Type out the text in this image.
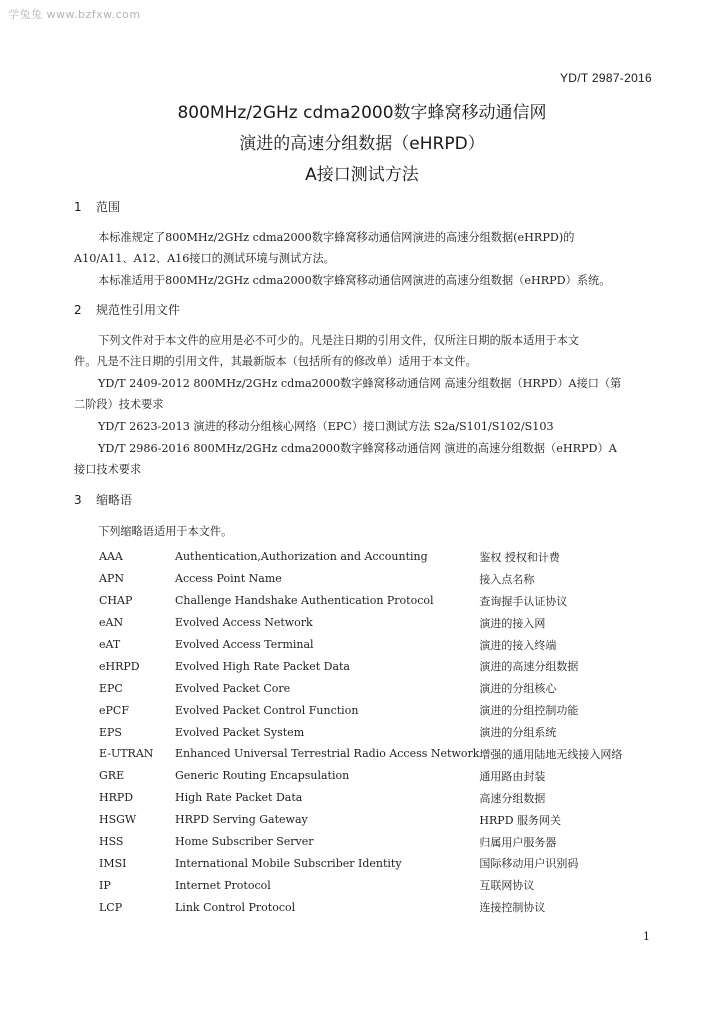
学兔兔 www.bzfxw.com
YD/T 2987-2016
800MHz/2GHz cdma2000数字蜂窝移动通信网
演进的高速分组数据（eHRPD）
A接口测试方法
1 范围
本标准规定了800MHz/2GHz cdma2000数字蜂窝移动通信网演进的高速分组数据(eHRPD)的
A10/A11、A12、A16接口的测试环境与测试方法。
本标准适用于800MHz/2GHz cdma2000数字蜂窝移动通信网演进的高速分组数据（eHRPD）系统。
2 规范性引用文件
下列文件对于本文件的应用是必不可少的。凡是注日期的引用文件，仅所注日期的版本适用于本文
件。凡是不注日期的引用文件，其最新版本（包括所有的修改单）适用于本文件。
YD/T 2409-2012 800MHz/2GHz cdma2000数字蜂窝移动通信网 高速分组数据（HRPD）A接口（第
二阶段）技术要求
YD/T 2623-2013 演进的移动分组核心网络（EPC）接口测试方法 S2a/S101/S102/S103
YD/T 2986-2016 800MHz/2GHz cdma2000数字蜂窝移动通信网 演进的高速分组数据（eHRPD）A
接口技术要求
3 缩略语
下列缩略语适用于本文件。
AAA	Authentication,Authorization and Accounting	鉴权 授权和计费
APN	Access Point Name	接入点名称
CHAP	Challenge Handshake Authentication Protocol	查询握手认证协议
eAN	Evolved Access Network	演进的接入网
eAT	Evolved Access Terminal	演进的接入终端
eHRPD	Evolved High Rate Packet Data	演进的高速分组数据
EPC	Evolved Packet Core	演进的分组核心
ePCF	Evolved Packet Control Function	演进的分组控制功能
EPS	Evolved Packet System	演进的分组系统
E-UTRAN	Enhanced Universal Terrestrial Radio Access Network	增强的通用陆地无线接入网络
GRE	Generic Routing Encapsulation	通用路由封装
HRPD	High Rate Packet Data	高速分组数据
HSGW	HRPD Serving Gateway	HRPD 服务网关
HSS	Home Subscriber Server	归属用户服务器
IMSI	International Mobile Subscriber Identity	国际移动用户识别码
IP	Internet Protocol	互联网协议
LCP	Link Control Protocol	连接控制协议
1
